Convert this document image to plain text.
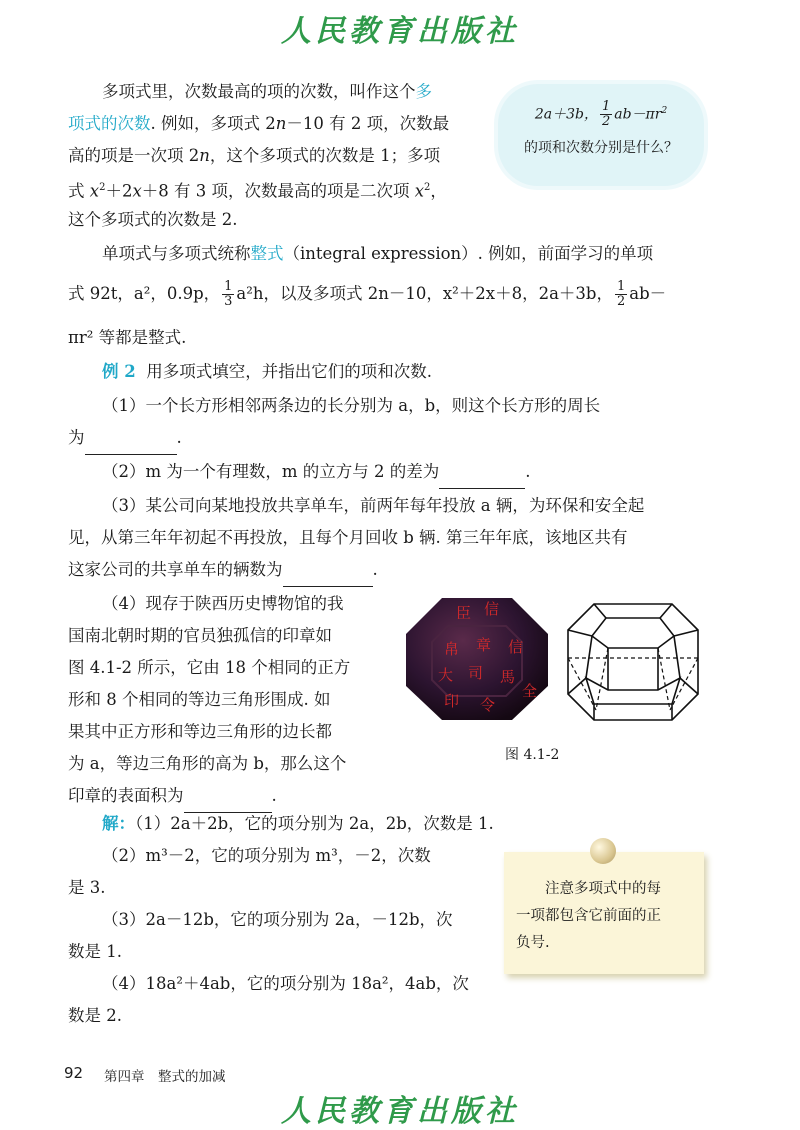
人民教育出版社
多项式里，次数最高的项的次数，叫作这个多
项式的次数. 例如，多项式 2n－10 有 2 项，次数最
高的项是一次项 2n，这个多项式的次数是 1；多项
式 $x^2+2x+8$ 有 3 项，次数最高的项是二次项 $x^2$，
这个多项式的次数是 2.
2a＋3b， $\frac{1}{2} ab-\pi r^2$
的项和次数分别是什么？
单项式与多项式统称整式（integral expression）. 例如，前面学习的单项
式 92t，a²，0.9p， $\frac{1}{3} a^2h$，以及多项式 2n－10，x²＋2x＋8，2a＋3b， $\frac{1}{2} ab-$
πr² 等都是整式.
例 2 用多项式填空，并指出它们的项和次数.
（1）一个长方形相邻两条边的长分别为 a，b，则这个长方形的周长
为	.
（2）m 为一个有理数，m 的立方与 2 的差为	.
（3）某公司向某地投放共享单车，前两年每年投放 a 辆，为环保和安全起
见，从第三年年初起不再投放，且每个月回收 b 辆. 第三年年底，该地区共有
这家公司的共享单车的辆数为	.
（4）现存于陕西历史博物馆的我
国南北朝时期的官员独孤信的印章如
图 4.1-2 所示，它由 18 个相同的正方
形和 8 个相同的等边三角形围成. 如
果其中正方形和等边三角形的边长都
为 a，等边三角形的高为 b，那么这个
印章的表面积为	.
臣 信
帛 章 信
大 司 馬
印 令
全
图 4.1-2
解：（1）2a＋2b，它的项分别为 2a，2b，次数是 1.
（2）m³－2，它的项分别为 m³，－2，次数
是 3.
（3）2a－12b，它的项分别为 2a，－12b，次
数是 1.
（4）18a²＋4ab，它的项分别为 18a²，4ab，次
数是 2.
注意多项式中的每
一项都包含它前面的正
负号.
92 第四章　整式的加减
人民教育出版社
